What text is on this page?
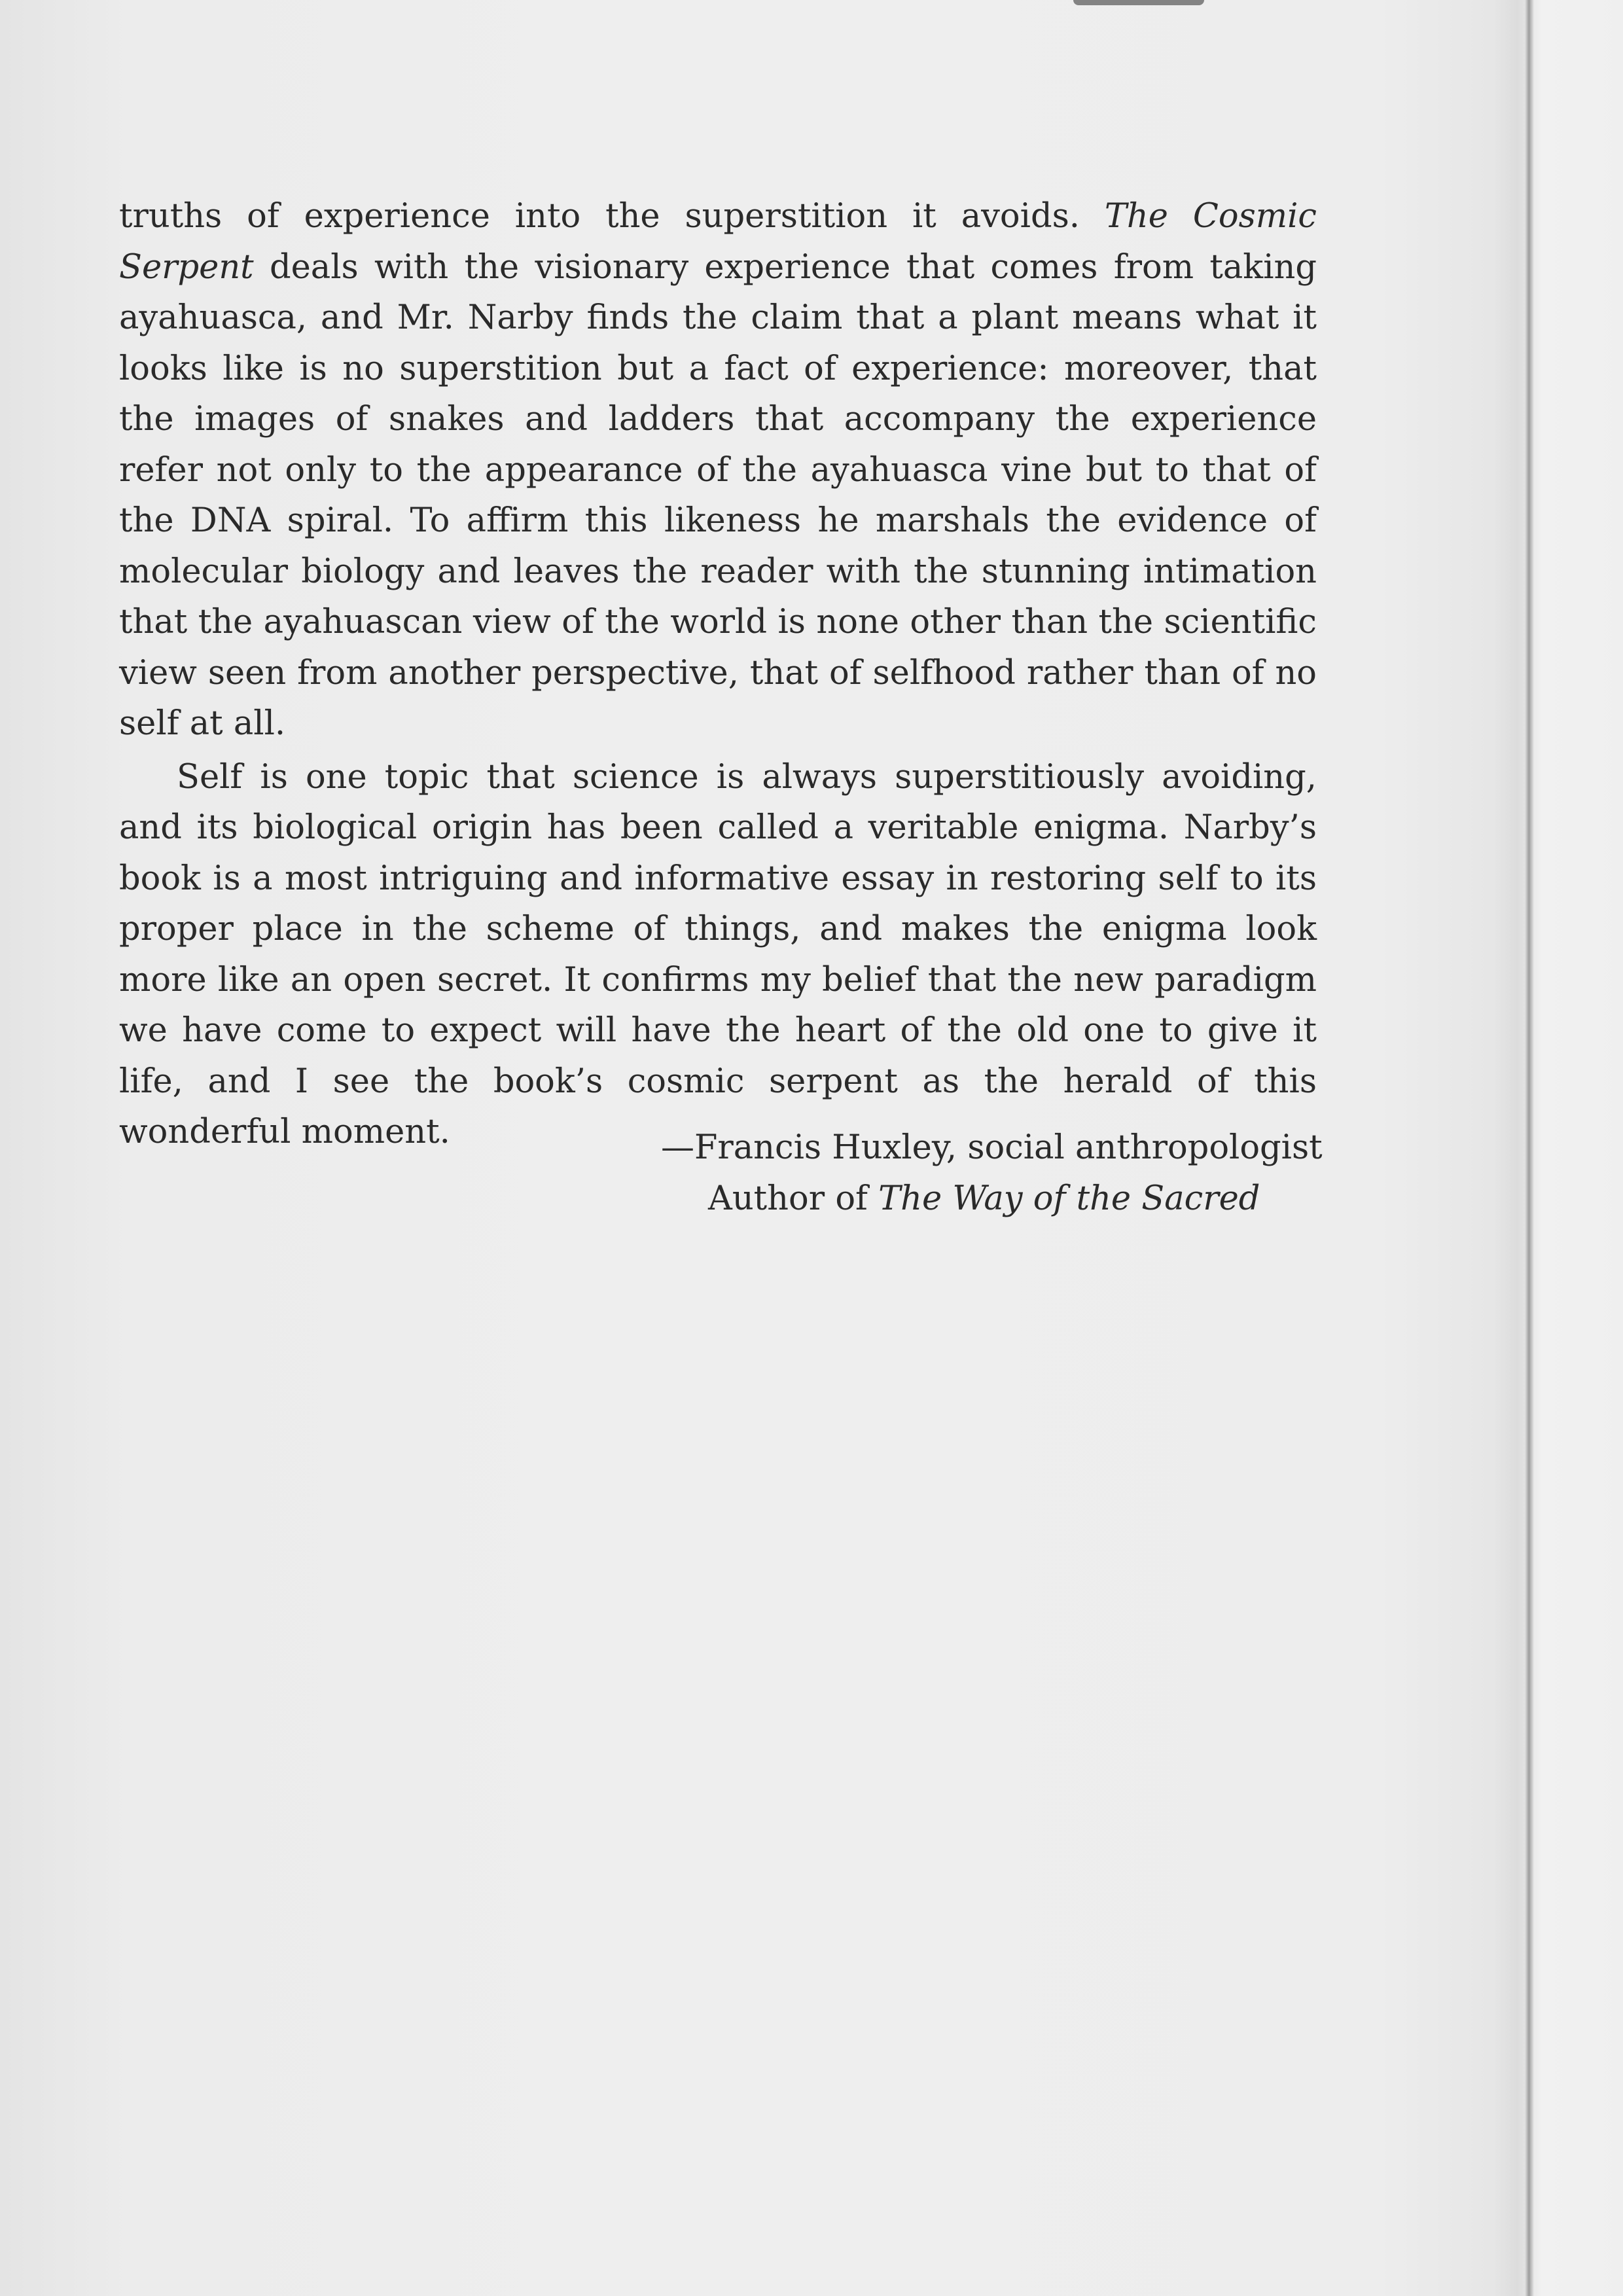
truths of experience into the superstition it avoids. The Cosmic Serpent deals with the visionary experience that comes from taking ayahuasca, and Mr. Narby finds the claim that a plant means what it looks like is no superstition but a fact of experience: moreover, that the images of snakes and ladders that accompany the experience refer not only to the appearance of the ayahuasca vine but to that of the DNA spiral. To affirm this likeness he marshals the evidence of molecular biology and leaves the reader with the stunning intimation that the ayahuascan view of the world is none other than the scientific view seen from another perspective, that of selfhood rather than of no self at all.

Self is one topic that science is always superstitiously avoiding, and its biological origin has been called a veritable enigma. Narby’s book is a most intriguing and informative essay in restoring self to its proper place in the scheme of things, and makes the enigma look more like an open secret. It confirms my belief that the new paradigm we have come to expect will have the heart of the old one to give it life, and I see the book’s cosmic serpent as the herald of this wonderful moment.	—Francis Huxley, social anthropologist
Author of The Way of the Sacred
